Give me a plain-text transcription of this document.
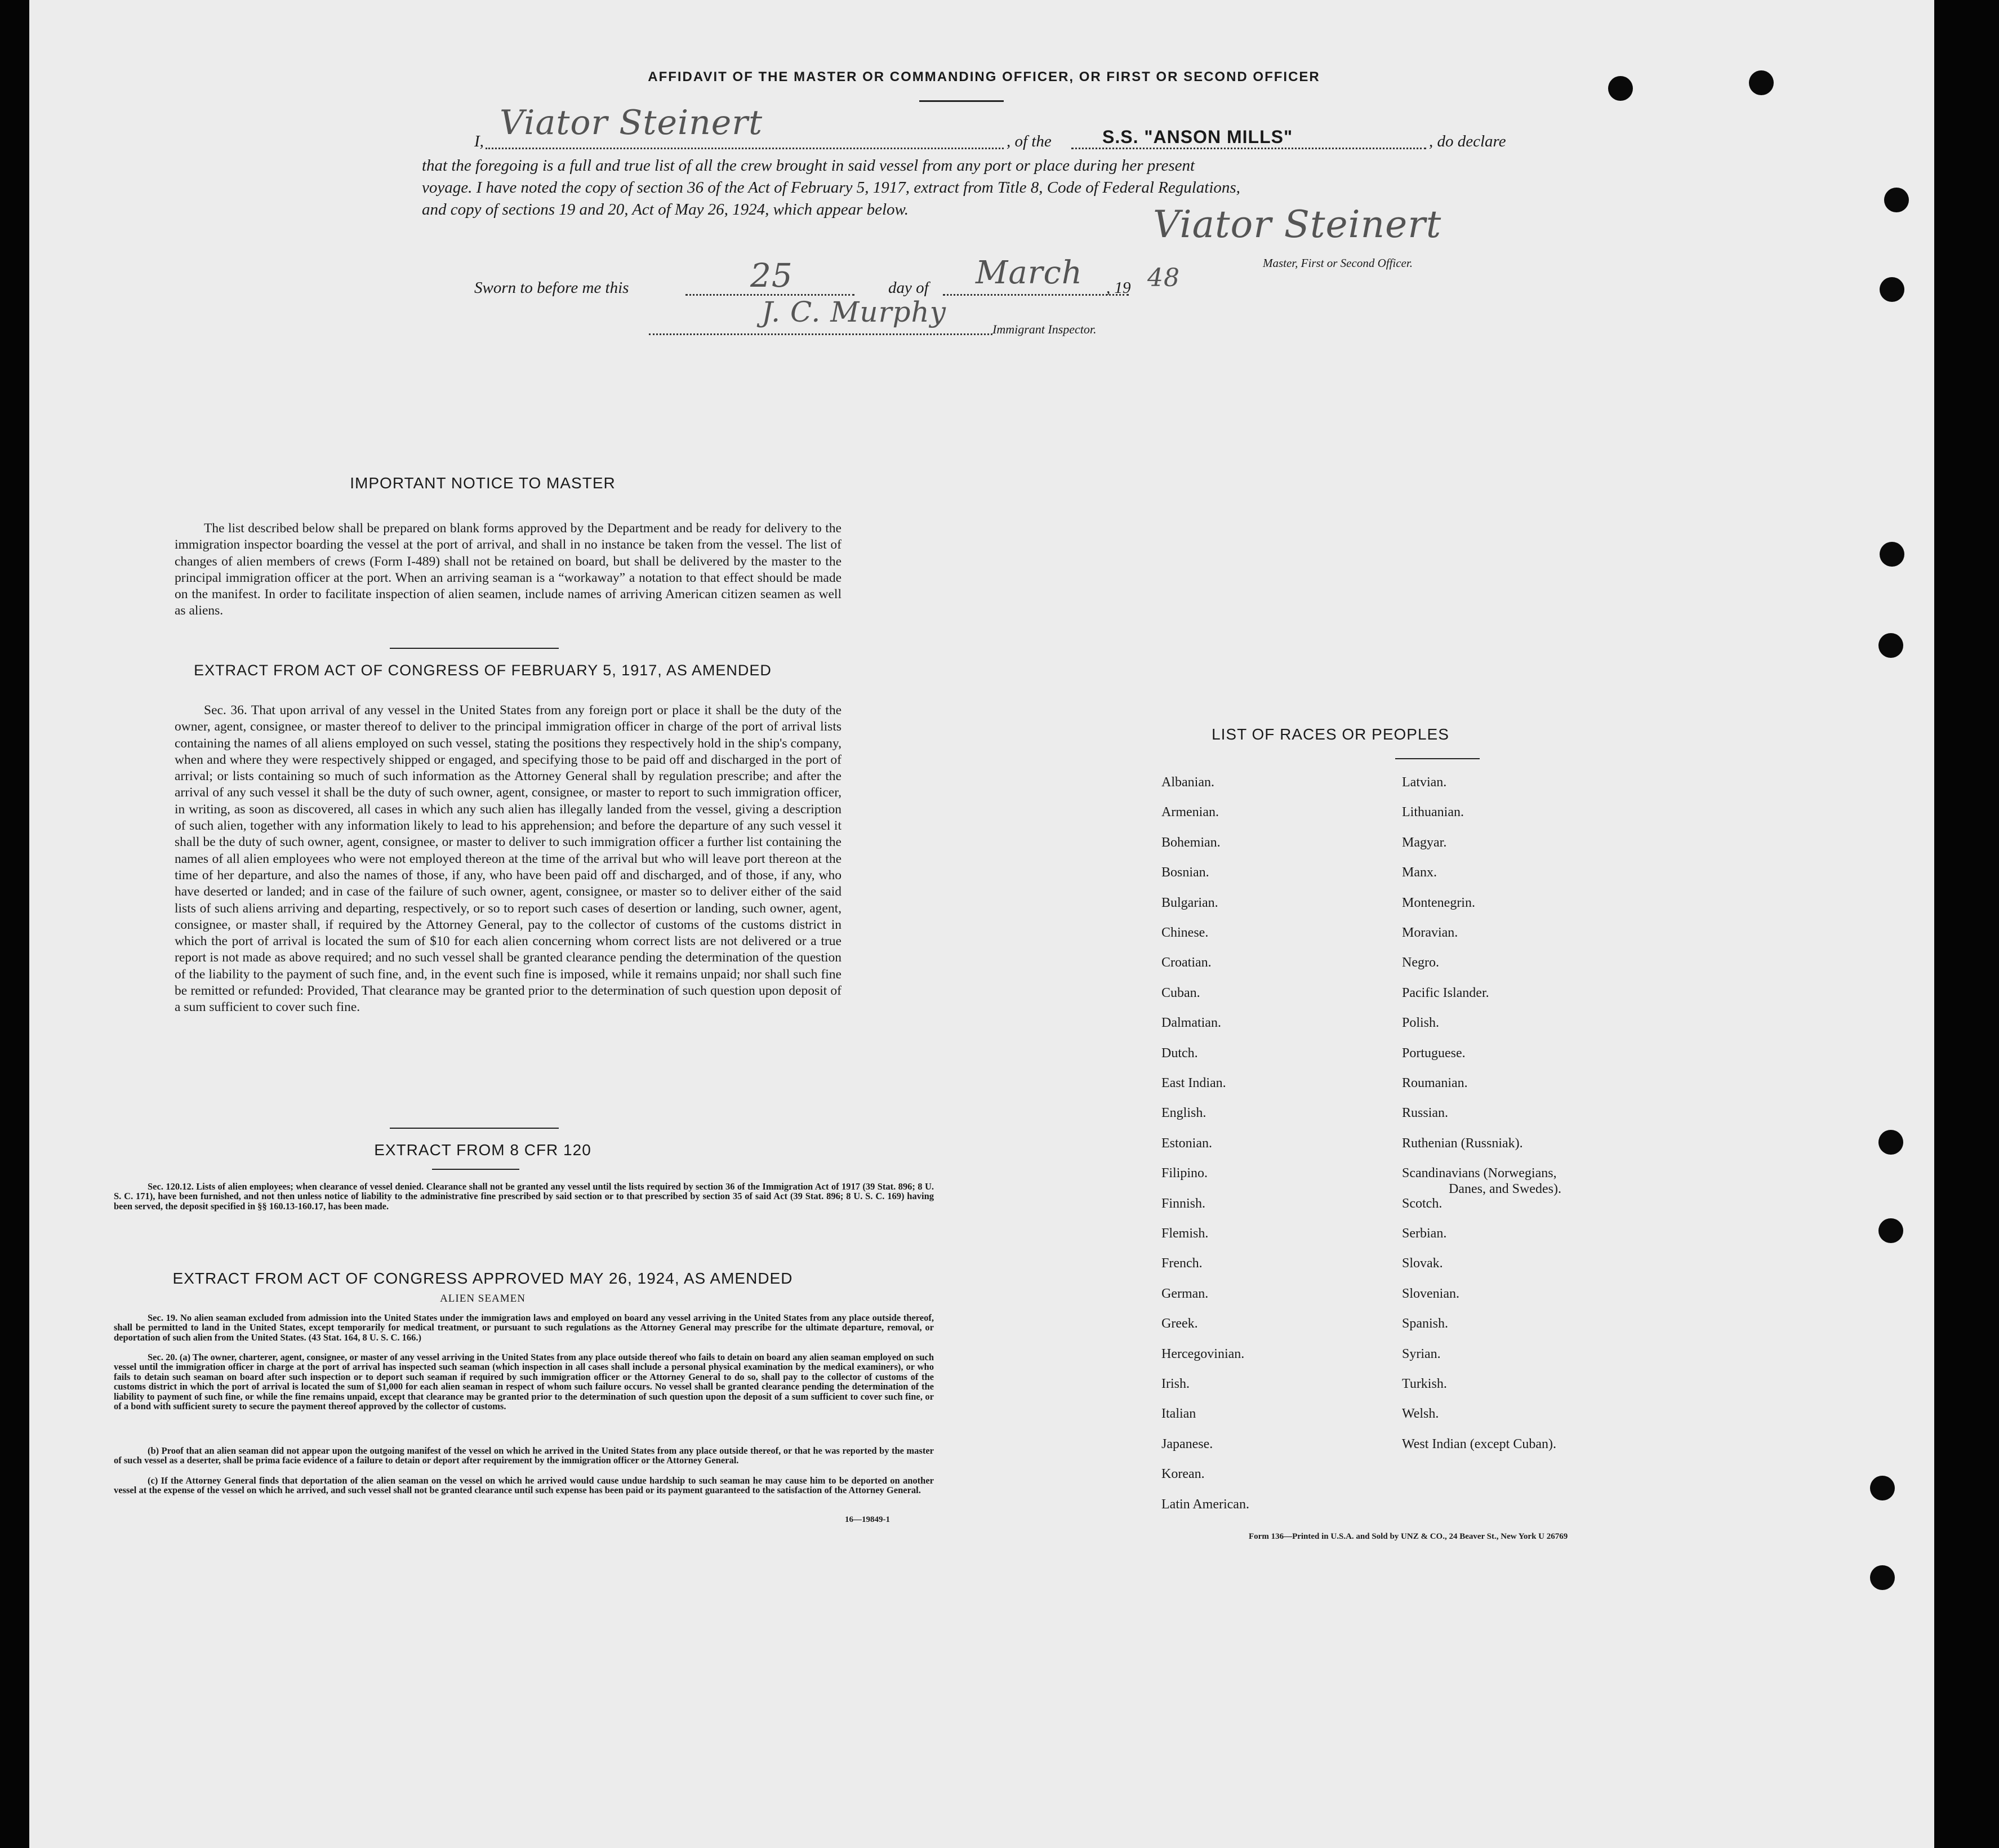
AFFIDAVIT OF THE MASTER OR COMMANDING OFFICER, OR FIRST OR SECOND OFFICER
I, Viator Steinert	, of the	S.S. "ANSON MILLS"	, do declare
that the foregoing is a full and true list of all the crew brought in said vessel from any port or place during her present
voyage. I have noted the copy of section 36 of the Act of February 5, 1917, extract from Title 8, Code of Federal Regulations,
and copy of sections 19 and 20, Act of May 26, 1924, which appear below.	Viator Steinert
Master, First or Second Officer.
Sworn to before me this	25	day of March , 19 48
J. C. Murphy
Immigrant Inspector.
IMPORTANT NOTICE TO MASTER
The list described below shall be prepared on blank forms approved by the Department and be ready for delivery to the immigration inspector boarding the vessel at the port of arrival, and shall in no instance be taken from the vessel. The list of changes of alien members of crews (Form I-489) shall not be retained on board, but shall be delivered by the master to the principal immigration officer at the port. When an arriving seaman is a “workaway” a notation to that effect should be made on the manifest. In order to facilitate inspection of alien seamen, include names of arriving American citizen seamen as well as aliens.
EXTRACT FROM ACT OF CONGRESS OF FEBRUARY 5, 1917, AS AMENDED
Sec. 36. That upon arrival of any vessel in the United States from any foreign port or place it shall be the duty of the owner, agent, consignee, or master thereof to deliver to the principal immigration officer in charge of the port of arrival lists containing the names of all aliens employed on such vessel, stating the positions they respectively hold in the ship's company, when and where they were respectively shipped or engaged, and specifying those to be paid off and discharged in the port of arrival; or lists containing so much of such information as the Attorney General shall by regulation prescribe; and after the arrival of any such vessel it shall be the duty of such owner, agent, consignee, or master to report to such immigration officer, in writing, as soon as discovered, all cases in which any such alien has illegally landed from the vessel, giving a description of such alien, together with any information likely to lead to his apprehension; and before the departure of any such vessel it shall be the duty of such owner, agent, consignee, or master to deliver to such immigration officer a further list containing the names of all alien employees who were not employed thereon at the time of the arrival but who will leave port thereon at the time of her departure, and also the names of those, if any, who have been paid off and discharged, and of those, if any, who have deserted or landed; and in case of the failure of such owner, agent, consignee, or master so to deliver either of the said lists of such aliens arriving and departing, respectively, or so to report such cases of desertion or landing, such owner, agent, consignee, or master shall, if required by the Attorney General, pay to the collector of customs of the customs district in which the port of arrival is located the sum of $10 for each alien concerning whom correct lists are not delivered or a true report is not made as above required; and no such vessel shall be granted clearance pending the determination of the question of the liability to the payment of such fine, and, in the event such fine is imposed, while it remains unpaid; nor shall such fine be remitted or refunded: Provided, That clearance may be granted prior to the determination of such question upon deposit of a sum sufficient to cover such fine.
EXTRACT FROM 8 CFR 120
Sec. 120.12. Lists of alien employees; when clearance of vessel denied. Clearance shall not be granted any vessel until the lists required by section 36 of the Immigration Act of 1917 (39 Stat. 896; 8 U. S. C. 171), have been furnished, and not then unless notice of liability to the administrative fine prescribed by said section or to that prescribed by section 35 of said Act (39 Stat. 896; 8 U. S. C. 169) having been served, the deposit specified in §§ 160.13-160.17, has been made.
EXTRACT FROM ACT OF CONGRESS APPROVED MAY 26, 1924, AS AMENDED
ALIEN SEAMEN
Sec. 19. No alien seaman excluded from admission into the United States under the immigration laws and employed on board any vessel arriving in the United States from any place outside thereof, shall be permitted to land in the United States, except temporarily for medical treatment, or pursuant to such regulations as the Attorney General may prescribe for the ultimate departure, removal, or deportation of such alien from the United States. (43 Stat. 164, 8 U. S. C. 166.)
Sec. 20. (a) The owner, charterer, agent, consignee, or master of any vessel arriving in the United States from any place outside thereof who fails to detain on board any alien seaman employed on such vessel until the immigration officer in charge at the port of arrival has inspected such seaman (which inspection in all cases shall include a personal physical examination by the medical examiners), or who fails to detain such seaman on board after such inspection or to deport such seaman if required by such immigration officer or the Attorney General to do so, shall pay to the collector of customs of the customs district in which the port of arrival is located the sum of $1,000 for each alien seaman in respect of whom such failure occurs. No vessel shall be granted clearance pending the determination of the liability to payment of such fine, or while the fine remains unpaid, except that clearance may be granted prior to the determination of such question upon the deposit of a sum sufficient to cover such fine, or of a bond with sufficient surety to secure the payment thereof approved by the collector of customs.
(b) Proof that an alien seaman did not appear upon the outgoing manifest of the vessel on which he arrived in the United States from any place outside thereof, or that he was reported by the master of such vessel as a deserter, shall be prima facie evidence of a failure to detain or deport after requirement by the immigration officer or the Attorney General.
(c) If the Attorney General finds that deportation of the alien seaman on the vessel on which he arrived would cause undue hardship to such seaman he may cause him to be deported on another vessel at the expense of the vessel on which he arrived, and such vessel shall not be granted clearance until such expense has been paid or its payment guaranteed to the satisfaction of the Attorney General.
16—19849-1
LIST OF RACES OR PEOPLES
Albanian.
Armenian.
Bohemian.
Bosnian.
Bulgarian.
Chinese.
Croatian.
Cuban.
Dalmatian.
Dutch.
East Indian.
English.
Estonian.
Filipino.
Finnish.
Flemish.
French.
German.
Greek.
Hercegovinian.
Irish.
Italian
Japanese.
Korean.
Latin American.
Latvian.
Lithuanian.
Magyar.
Manx.
Montenegrin.
Moravian.
Negro.
Pacific Islander.
Polish.
Portuguese.
Roumanian.
Russian.
Ruthenian (Russniak).
Scandinavians (Norwegians,
Danes, and Swedes).
Scotch.
Serbian.
Slovak.
Slovenian.
Spanish.
Syrian.
Turkish.
Welsh.
West Indian (except Cuban).
Form 136—Printed in U.S.A. and Sold by UNZ & CO., 24 Beaver St., New York U 26769
